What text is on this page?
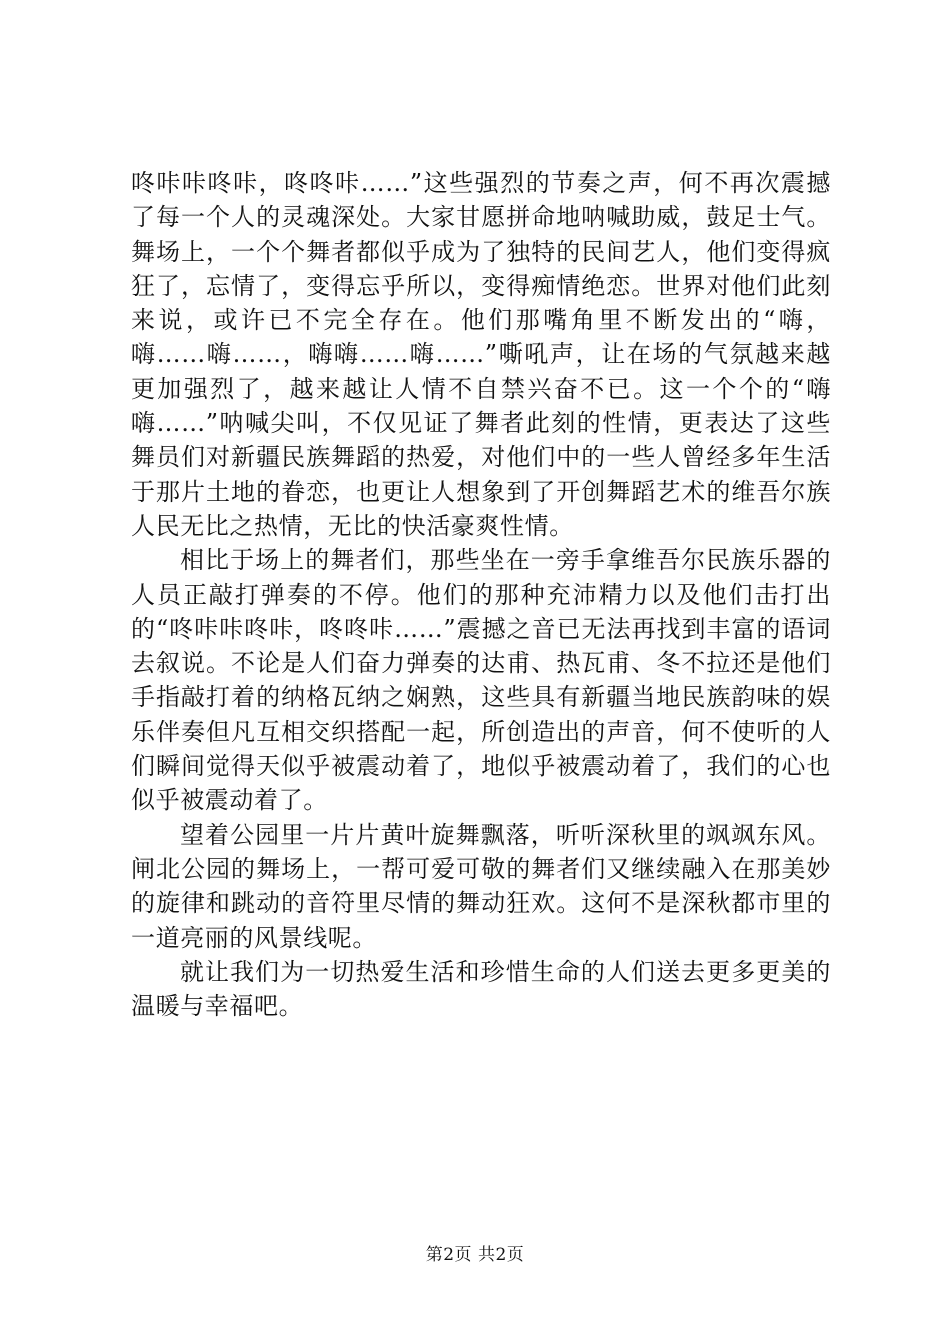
咚咔咔咚咔，咚咚咔……”这些强烈的节奏之声，何不再次震撼了每一个人的灵魂深处。大家甘愿拼命地呐喊助威，鼓足士气。舞场上，一个个舞者都似乎成为了独特的民间艺人，他们变得疯狂了，忘情了，变得忘乎所以，变得痴情绝恋。世界对他们此刻来说，或许已不完全存在。他们那嘴角里不断发出的“嗨，嗨……嗨……，嗨嗨……嗨……”嘶吼声，让在场的气氛越来越更加强烈了，越来越让人情不自禁兴奋不已。这一个个的“嗨嗨……”呐喊尖叫，不仅见证了舞者此刻的性情，更表达了这些舞员们对新疆民族舞蹈的热爱，对他们中的一些人曾经多年生活于那片土地的眷恋，也更让人想象到了开创舞蹈艺术的维吾尔族人民无比之热情，无比的快活豪爽性情。

相比于场上的舞者们，那些坐在一旁手拿维吾尔民族乐器的人员正敲打弹奏的不停。他们的那种充沛精力以及他们击打出的“咚咔咔咚咔，咚咚咔……”震撼之音已无法再找到丰富的语词去叙说。不论是人们奋力弹奏的达甫、热瓦甫、冬不拉还是他们手指敲打着的纳格瓦纳之娴熟，这些具有新疆当地民族韵味的娱乐伴奏但凡互相交织搭配一起，所创造出的声音，何不使听的人们瞬间觉得天似乎被震动着了，地似乎被震动着了，我们的心也似乎被震动着了。

望着公园里一片片黄叶旋舞飘落，听听深秋里的飒飒东风。闸北公园的舞场上，一帮可爱可敬的舞者们又继续融入在那美妙的旋律和跳动的音符里尽情的舞动狂欢。这何不是深秋都市里的一道亮丽的风景线呢。

就让我们为一切热爱生活和珍惜生命的人们送去更多更美的温暖与幸福吧。

第2页 共2页
